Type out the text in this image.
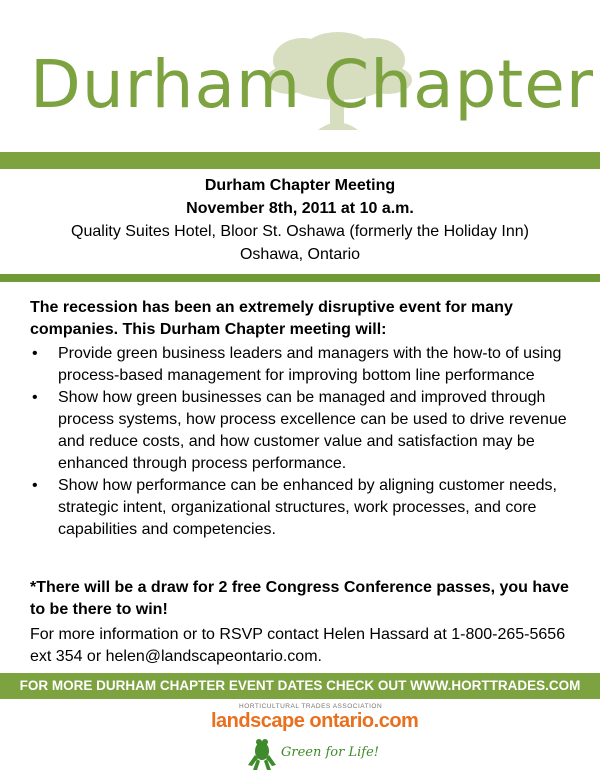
Durham Chapter
Durham Chapter Meeting
November 8th, 2011 at 10 a.m.
Quality Suites Hotel, Bloor St. Oshawa (formerly the Holiday Inn)
Oshawa, Ontario
The recession has been an extremely disruptive event for many companies. This Durham Chapter meeting will:
• Provide green business leaders and managers with the how-to of using process-based management for improving bottom line performance
• Show how green businesses can be managed and improved through process systems, how process excellence can be used to drive revenue and reduce costs, and how customer value and satisfaction may be enhanced through process performance.
• Show how performance can be enhanced by aligning customer needs, strategic intent, organizational structures, work processes, and core capabilities and competencies.
*There will be a draw for 2 free Congress Conference passes, you have to be there to win!
For more information or to RSVP contact Helen Hassard at 1-800-265-5656 ext 354 or helen@landscapeontario.com.
FOR MORE DURHAM CHAPTER EVENT DATES CHECK OUT WWW.HORTTRADES.COM
HORTICULTURAL TRADES ASSOCIATION
landscape ontario.com
Green for Life!
